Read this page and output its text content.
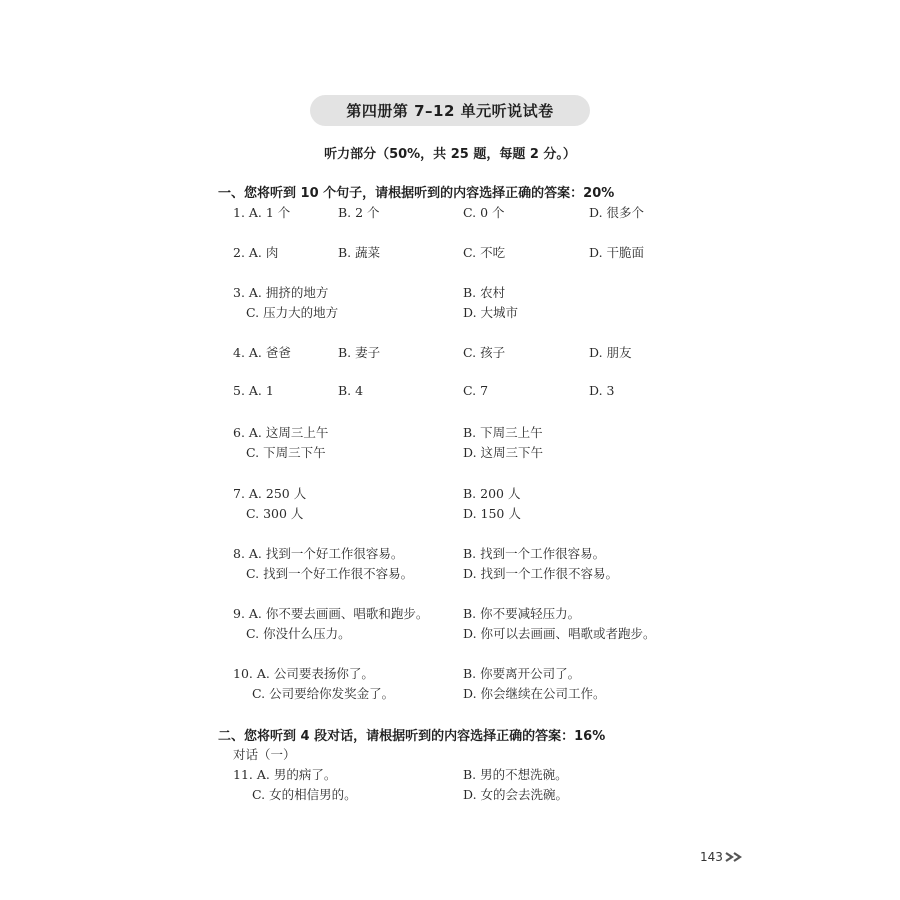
第四册第 7–12 单元听说试卷
听力部分（50%，共 25 题，每题 2 分。）
一、您将听到 10 个句子，请根据听到的内容选择正确的答案：20%
1. A. 1 个	B. 2 个	C. 0 个	D. 很多个
2. A. 肉	B. 蔬菜	C. 不吃	D. 干脆面
3. A. 拥挤的地方	B. 农村
C. 压力大的地方	D. 大城市
4. A. 爸爸	B. 妻子	C. 孩子	D. 朋友
5. A. 1	B. 4	C. 7	D. 3
6. A. 这周三上午	B. 下周三上午
C. 下周三下午	D. 这周三下午
7. A. 250 人	B. 200 人
C. 300 人	D. 150 人
8. A. 找到一个好工作很容易。	B. 找到一个工作很容易。
C. 找到一个好工作很不容易。	D. 找到一个工作很不容易。
9. A. 你不要去画画、唱歌和跑步。	B. 你不要减轻压力。
C. 你没什么压力。	D. 你可以去画画、唱歌或者跑步。
10. A. 公司要表扬你了。	B. 你要离开公司了。
C. 公司要给你发奖金了。	D. 你会继续在公司工作。
二、您将听到 4 段对话，请根据听到的内容选择正确的答案：16%
对话（一）
11. A. 男的病了。	B. 男的不想洗碗。
C. 女的相信男的。	D. 女的会去洗碗。
143
